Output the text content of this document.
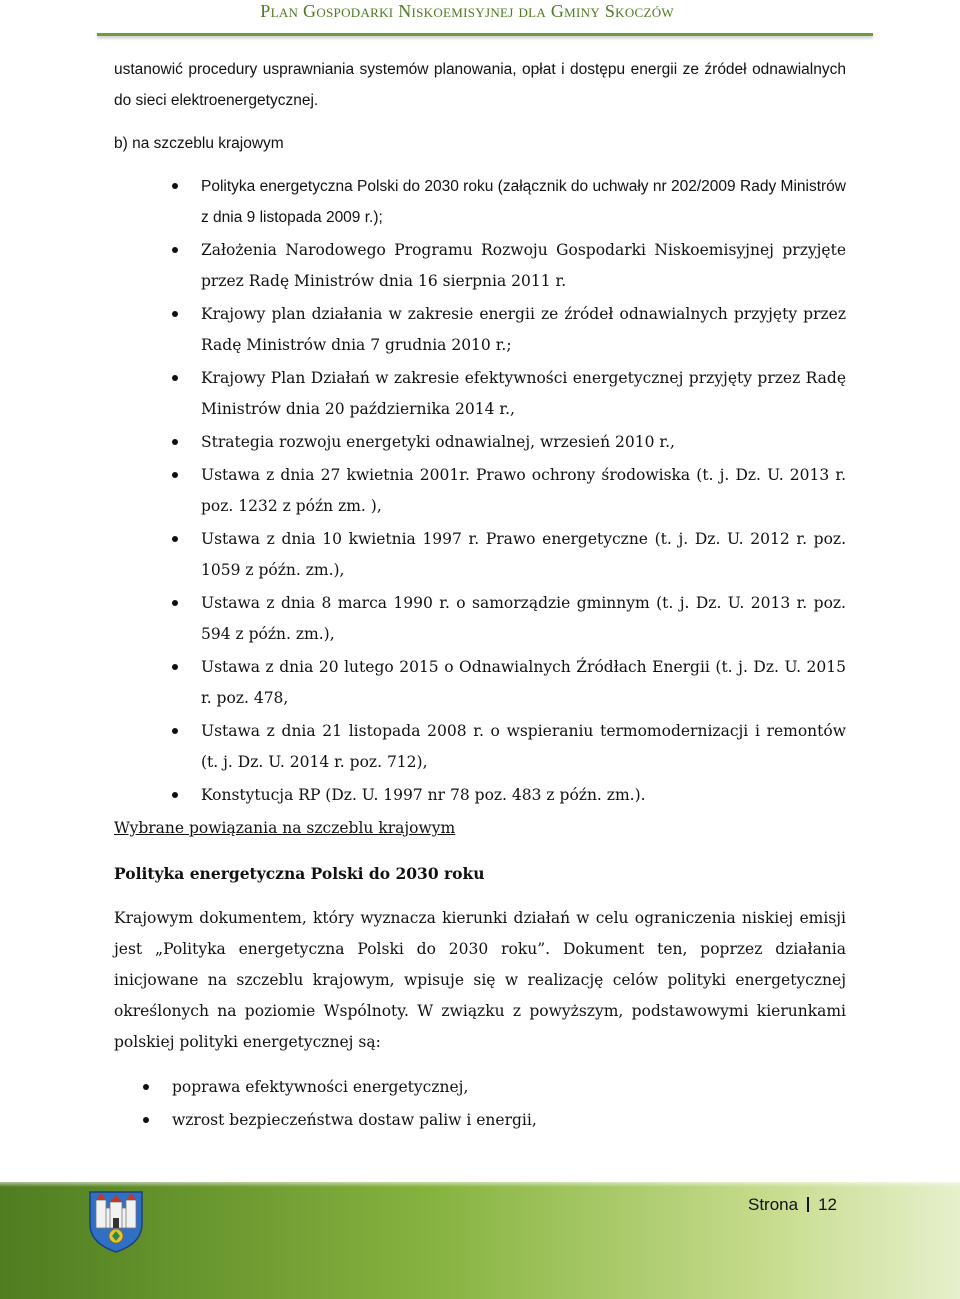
Plan Gospodarki Niskoemisyjnej dla Gminy Skoczów

ustanowić procedury usprawniania systemów planowania, opłat i dostępu energii ze źródeł odnawialnych do sieci elektroenergetycznej.

b) na szczeblu krajowym

Polityka energetyczna Polski do 2030 roku (załącznik do uchwały nr 202/2009 Rady Ministrów z dnia 9 listopada 2009 r.);
Założenia Narodowego Programu Rozwoju Gospodarki Niskoemisyjnej przyjęte przez Radę Ministrów dnia 16 sierpnia 2011 r.
Krajowy plan działania w zakresie energii ze źródeł odnawialnych przyjęty przez Radę Ministrów dnia 7 grudnia 2010 r.;
Krajowy Plan Działań w zakresie efektywności energetycznej przyjęty przez Radę Ministrów dnia 20 października 2014 r.,
Strategia rozwoju energetyki odnawialnej, wrzesień 2010 r.,
Ustawa z dnia 27 kwietnia 2001r. Prawo ochrony środowiska (t. j. Dz. U. 2013 r. poz. 1232 z późn zm. ),
Ustawa z dnia 10 kwietnia 1997 r. Prawo energetyczne (t. j. Dz. U. 2012 r. poz. 1059 z późn. zm.),
Ustawa z dnia 8 marca 1990 r. o samorządzie gminnym (t. j. Dz. U. 2013 r. poz. 594 z późn. zm.),
Ustawa z dnia 20 lutego 2015 o Odnawialnych Źródłach Energii (t. j. Dz. U. 2015 r. poz. 478,
Ustawa z dnia 21 listopada 2008 r. o wspieraniu termomodernizacji i remontów (t. j. Dz. U. 2014 r. poz. 712),
Konstytucja RP (Dz. U. 1997 nr 78 poz. 483 z późn. zm.).

Wybrane powiązania na szczeblu krajowym

Polityka energetyczna Polski do 2030 roku

Krajowym dokumentem, który wyznacza kierunki działań w celu ograniczenia niskiej emisji jest „Polityka energetyczna Polski do 2030 roku”. Dokument ten, poprzez działania inicjowane na szczeblu krajowym, wpisuje się w realizację celów polityki energetycznej określonych na poziomie Wspólnoty. W związku z powyższym, podstawowymi kierunkami polskiej polityki energetycznej są:

poprawa efektywności energetycznej,
wzrost bezpieczeństwa dostaw paliw i energii,
Strona 12
